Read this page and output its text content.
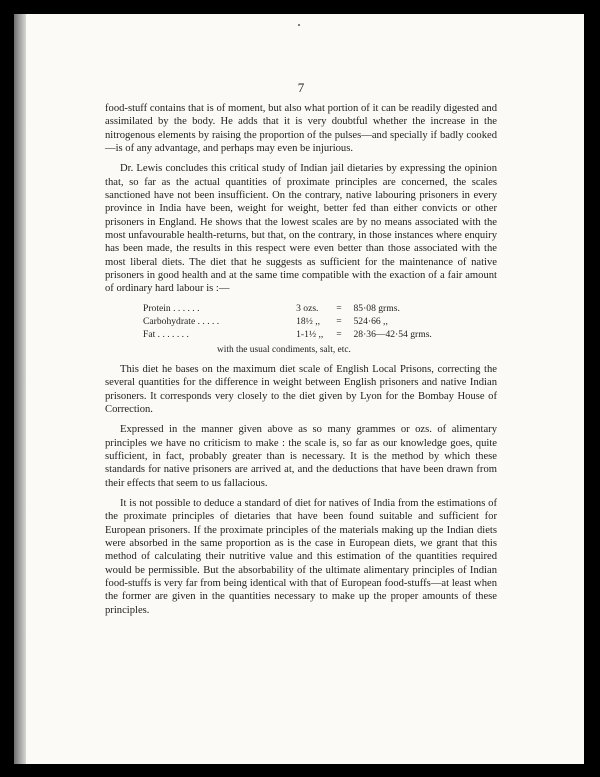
7

food-stuff contains that is of moment, but also what portion of it can be readily digested and assimilated by the body. He adds that it is very doubtful whether the increase in the nitrogenous elements by raising the proportion of the pulses—and specially if badly cooked—is of any advantage, and perhaps may even be injurious.

Dr. Lewis concludes this critical study of Indian jail dietaries by expressing the opinion that, so far as the actual quantities of proximate principles are concerned, the scales sanctioned have not been insufficient. On the contrary, native labouring prisoners in every province in India have been, weight for weight, better fed than either convicts or other prisoners in England. He shows that the lowest scales are by no means associated with the most unfavourable health-returns, but that, on the contrary, in those instances where enquiry has been made, the results in this respect were even better than those associated with the most liberal diets. The diet that he suggests as sufficient for the maintenance of native prisoners in good health and at the same time compatible with the exaction of a fair amount of ordinary hard labour is :—

Protein . . . . . .	3 ozs.	=	85·08 grms.
Carbohydrate . . . . .	18½ ,,	=	524·66 ,,
Fat . . . . . . .	1-1½ ,,	=	28·36—42·54 grms.
with the usual condiments, salt, etc.

This diet he bases on the maximum diet scale of English Local Prisons, correcting the several quantities for the difference in weight between English prisoners and native Indian prisoners. It corresponds very closely to the diet given by Lyon for the Bombay House of Correction.

Expressed in the manner given above as so many grammes or ozs. of alimentary principles we have no criticism to make : the scale is, so far as our knowledge goes, quite sufficient, in fact, probably greater than is necessary. It is the method by which these standards for native prisoners are arrived at, and the deductions that have been drawn from their effects that seem to us fallacious.

It is not possible to deduce a standard of diet for natives of India from the estimations of the proximate principles of dietaries that have been found suitable and sufficient for European prisoners. If the proximate principles of the materials making up the Indian diets were absorbed in the same proportion as is the case in European diets, we grant that this method of calculating their nutritive value and this estimation of the quantities required would be permissible. But the absorbability of the ultimate alimentary principles of Indian food-stuffs is very far from being identical with that of European food-stuffs—at least when the former are given in the quantities necessary to make up the proper amounts of these principles.
